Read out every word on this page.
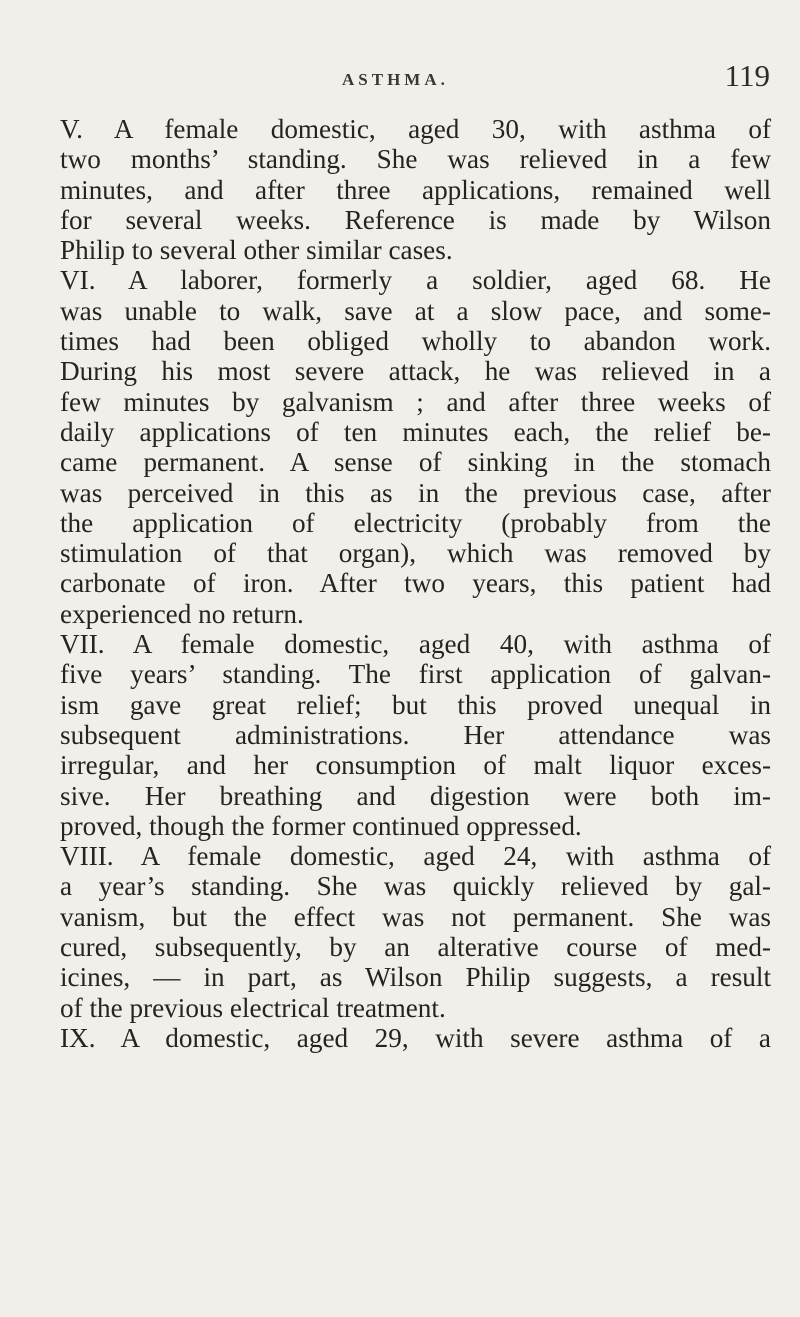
ASTHMA.	119
V. A female domestic, aged 30, with asthma of
two months’ standing. She was relieved in a few
minutes, and after three applications, remained well
for several weeks. Reference is made by Wilson
Philip to several other similar cases.
VI. A laborer, formerly a soldier, aged 68. He
was unable to walk, save at a slow pace, and some-
times had been obliged wholly to abandon work.
During his most severe attack, he was relieved in a
few minutes by galvanism ; and after three weeks of
daily applications of ten minutes each, the relief be-
came permanent. A sense of sinking in the stomach
was perceived in this as in the previous case, after
the application of electricity (probably from the
stimulation of that organ), which was removed by
carbonate of iron. After two years, this patient had
experienced no return.
VII. A female domestic, aged 40, with asthma of
five years’ standing. The first application of galvan-
ism gave great relief; but this proved unequal in
subsequent administrations. Her attendance was
irregular, and her consumption of malt liquor exces-
sive. Her breathing and digestion were both im-
proved, though the former continued oppressed.
VIII. A female domestic, aged 24, with asthma of
a year’s standing. She was quickly relieved by gal-
vanism, but the effect was not permanent. She was
cured, subsequently, by an alterative course of med-
icines, — in part, as Wilson Philip suggests, a result
of the previous electrical treatment.
IX. A domestic, aged 29, with severe asthma of a
